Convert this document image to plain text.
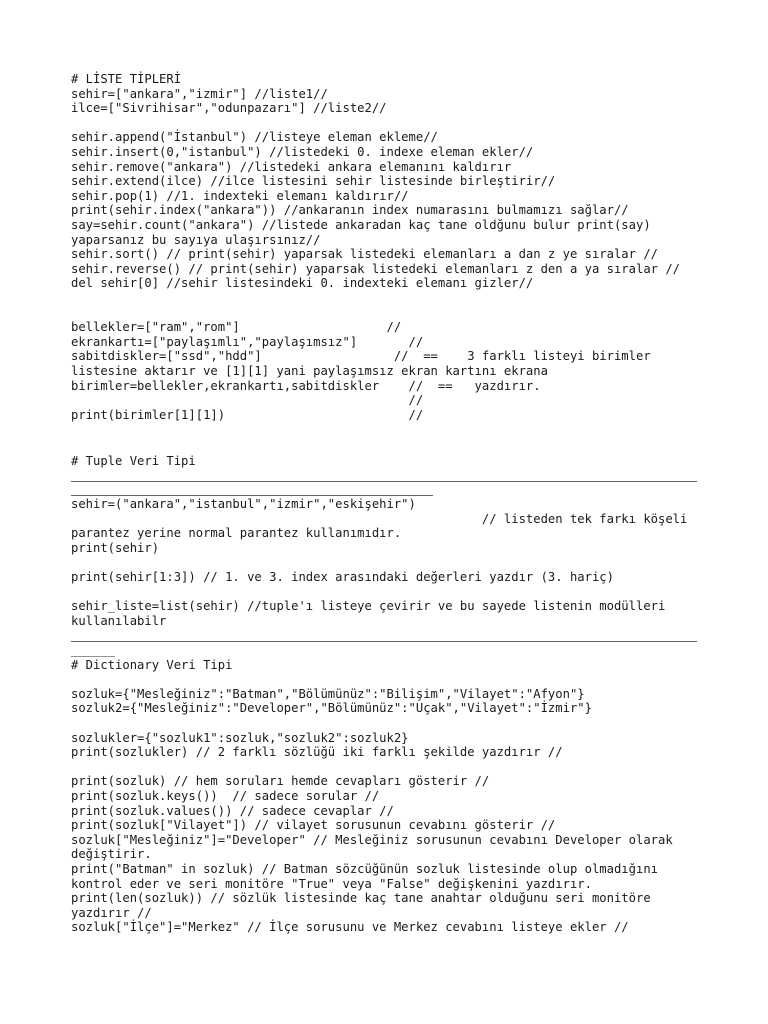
# LİSTE TİPLERİ
sehir=["ankara","izmir"] //liste1//
ilce=["Sivrihisar","odunpazarı"] //liste2//
sehir.append("İstanbul") //listeye eleman ekleme//
sehir.insert(0,"istanbul") //listedeki 0. indexe eleman ekler//
sehir.remove("ankara") //listedeki ankara elemanını kaldırır
sehir.extend(ilce) //ilce listesini sehir listesinde birleştirir//
sehir.pop(1) //1. indexteki elemanı kaldırır//
print(sehir.index("ankara")) //ankaranın index numarasını bulmamızı sağlar//
say=sehir.count("ankara") //listede ankaradan kaç tane oldğunu bulur print(say)
yaparsanız bu sayıya ulaşırsınız//
sehir.sort() // print(sehir) yaparsak listedeki elemanları a dan z ye sıralar //
sehir.reverse() // print(sehir) yaparsak listedeki elemanları z den a ya sıralar //
del sehir[0] //sehir listesindeki 0. indexteki elemanı gizler//
bellekler=["ram","rom"]                    //
ekrankartı=["paylaşımlı","paylaşımsız"]       //
sabitdiskler=["ssd","hdd"]                  //  ==    3 farklı listeyi birimler
listesine aktarır ve [1][1] yani paylaşımsız ekran kartını ekrana
birimler=bellekler,ekrankartı,sabitdiskler    //  ==   yazdırır.
//
print(birimler[1][1])                         //
# Tuple Veri Tipi
sehir=("ankara","istanbul","izmir","eskişehir")
// listeden tek farkı köşeli
parantez yerine normal parantez kullanımıdır.
print(sehir)
print(sehir[1:3]) // 1. ve 3. index arasındaki değerleri yazdır (3. hariç)
sehir_liste=list(sehir) //tuple'ı listeye çevirir ve bu sayede listenin modülleri
kullanılabilr
______
# Dictionary Veri Tipi
sozluk={"Mesleğiniz":"Batman","Bölümünüz":"Bilişim","Vilayet":"Afyon"}
sozluk2={"Mesleğiniz":"Developer","Bölümünüz":"Uçak","Vilayet":"İzmir"}
sozlukler={"sozluk1":sozluk,"sozluk2":sozluk2}
print(sozlukler) // 2 farklı sözlüğü iki farklı şekilde yazdırır //
print(sozluk) // hem soruları hemde cevapları gösterir //
print(sozluk.keys())  // sadece sorular //
print(sozluk.values()) // sadece cevaplar //
print(sozluk["Vilayet"]) // vilayet sorusunun cevabını gösterir //
sozluk["Mesleğiniz"]="Developer" // Mesleğiniz sorusunun cevabını Developer olarak
değiştirir.
print("Batman" in sozluk) // Batman sözcüğünün sozluk listesinde olup olmadığını
kontrol eder ve seri monitöre "True" veya "False" değişkenini yazdırır.
print(len(sozluk)) // sözlük listesinde kaç tane anahtar olduğunu seri monitöre
yazdırır //
sozluk["İlçe"]="Merkez" // İlçe sorusunu ve Merkez cevabını listeye ekler //
